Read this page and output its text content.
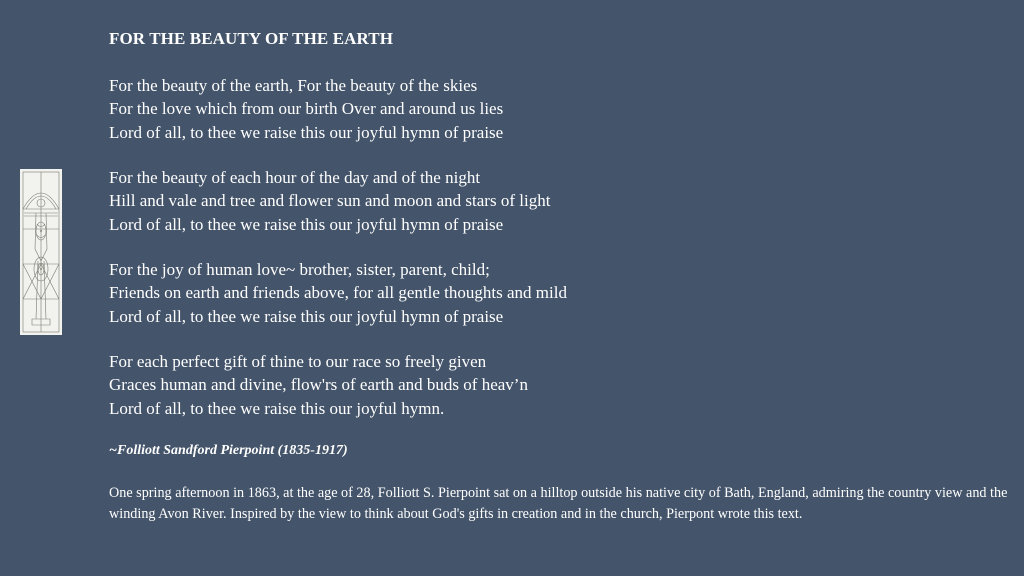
FOR THE BEAUTY OF THE EARTH
For the beauty of the earth, For the beauty of the skies
For the love which from our birth Over and around us lies
Lord of all, to thee we raise this our joyful hymn of praise
For the beauty of each hour of the day and of the night
Hill and vale and tree and flower sun and moon and stars of light
Lord of all, to thee we raise this our joyful hymn of praise
For the joy of human love~ brother, sister, parent, child;
Friends on earth and friends above, for all gentle thoughts and mild
Lord of all, to thee we raise this our joyful hymn of praise
For each perfect gift of thine to our race so freely given
Graces human and divine, flow'rs of earth and buds of heav’n
Lord of all, to thee we raise this our joyful hymn.
~Folliott Sandford Pierpoint (1835-1917)
One spring afternoon in 1863, at the age of 28, Folliott S. Pierpoint sat on a hilltop outside his native city of Bath, England, admiring the country view and the winding Avon River. Inspired by the view to think about God's gifts in creation and in the church, Pierpont wrote this text.
